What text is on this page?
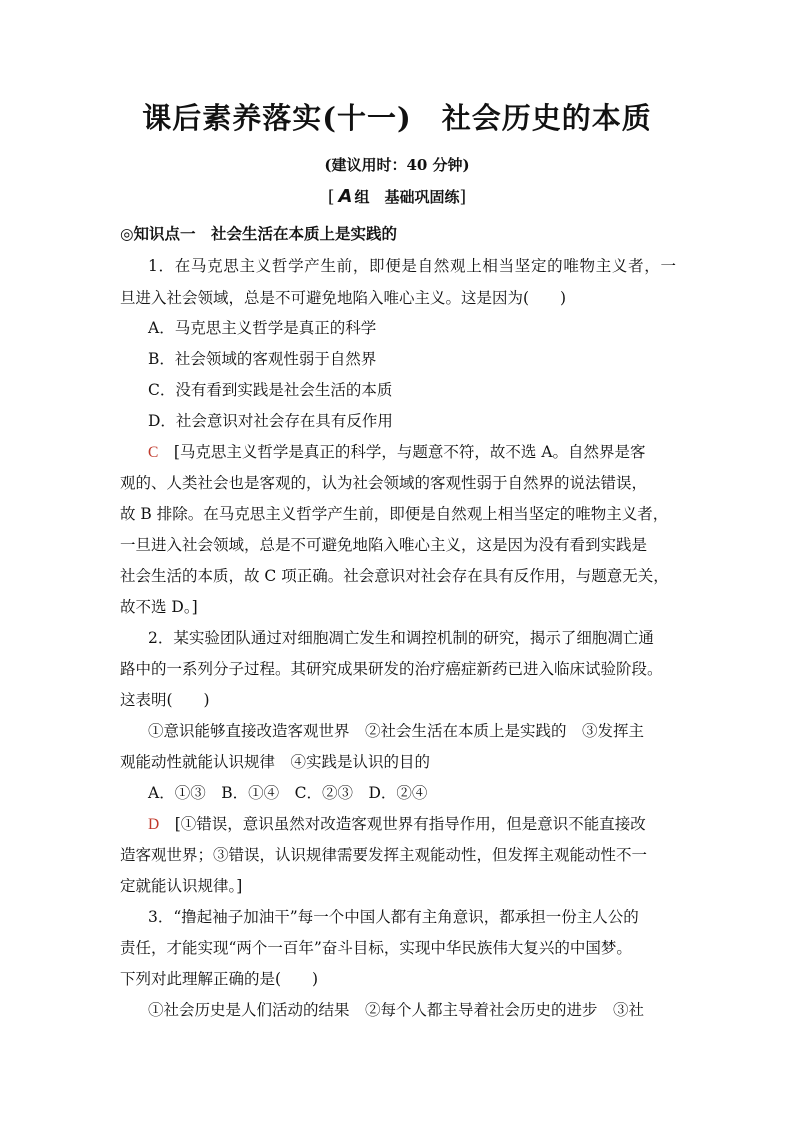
课后素养落实(十一) 社会历史的本质
(建议用时：40 分钟)
[ A 组　基础巩固练]
◎知识点一　社会生活在本质上是实践的
1．在马克思主义哲学产生前，即便是自然观上相当坚定的唯物主义者，一
旦进入社会领域，总是不可避免地陷入唯心主义。这是因为(　　)
A．马克思主义哲学是真正的科学
B．社会领域的客观性弱于自然界
C．没有看到实践是社会生活的本质
D．社会意识对社会存在具有反作用
C　[马克思主义哲学是真正的科学，与题意不符，故不选 A。自然界是客
观的、人类社会也是客观的，认为社会领域的客观性弱于自然界的说法错误，
故 B 排除。在马克思主义哲学产生前，即便是自然观上相当坚定的唯物主义者，
一旦进入社会领域，总是不可避免地陷入唯心主义，这是因为没有看到实践是
社会生活的本质，故 C 项正确。社会意识对社会存在具有反作用，与题意无关，
故不选 D。]
2．某实验团队通过对细胞凋亡发生和调控机制的研究，揭示了细胞凋亡通
路中的一系列分子过程。其研究成果研发的治疗癌症新药已进入临床试验阶段。
这表明(　　)
①意识能够直接改造客观世界　②社会生活在本质上是实践的　③发挥主
观能动性就能认识规律　④实践是认识的目的
A．①③　B．①④　C．②③　D．②④
D　[①错误，意识虽然对改造客观世界有指导作用，但是意识不能直接改
造客观世界；③错误，认识规律需要发挥主观能动性，但发挥主观能动性不一
定就能认识规律。]
3．“撸起袖子加油干”每一个中国人都有主角意识，都承担一份主人公的
责任，才能实现“两个一百年”奋斗目标，实现中华民族伟大复兴的中国梦。
下列对此理解正确的是(　　)
①社会历史是人们活动的结果　②每个人都主导着社会历史的进步　③社
